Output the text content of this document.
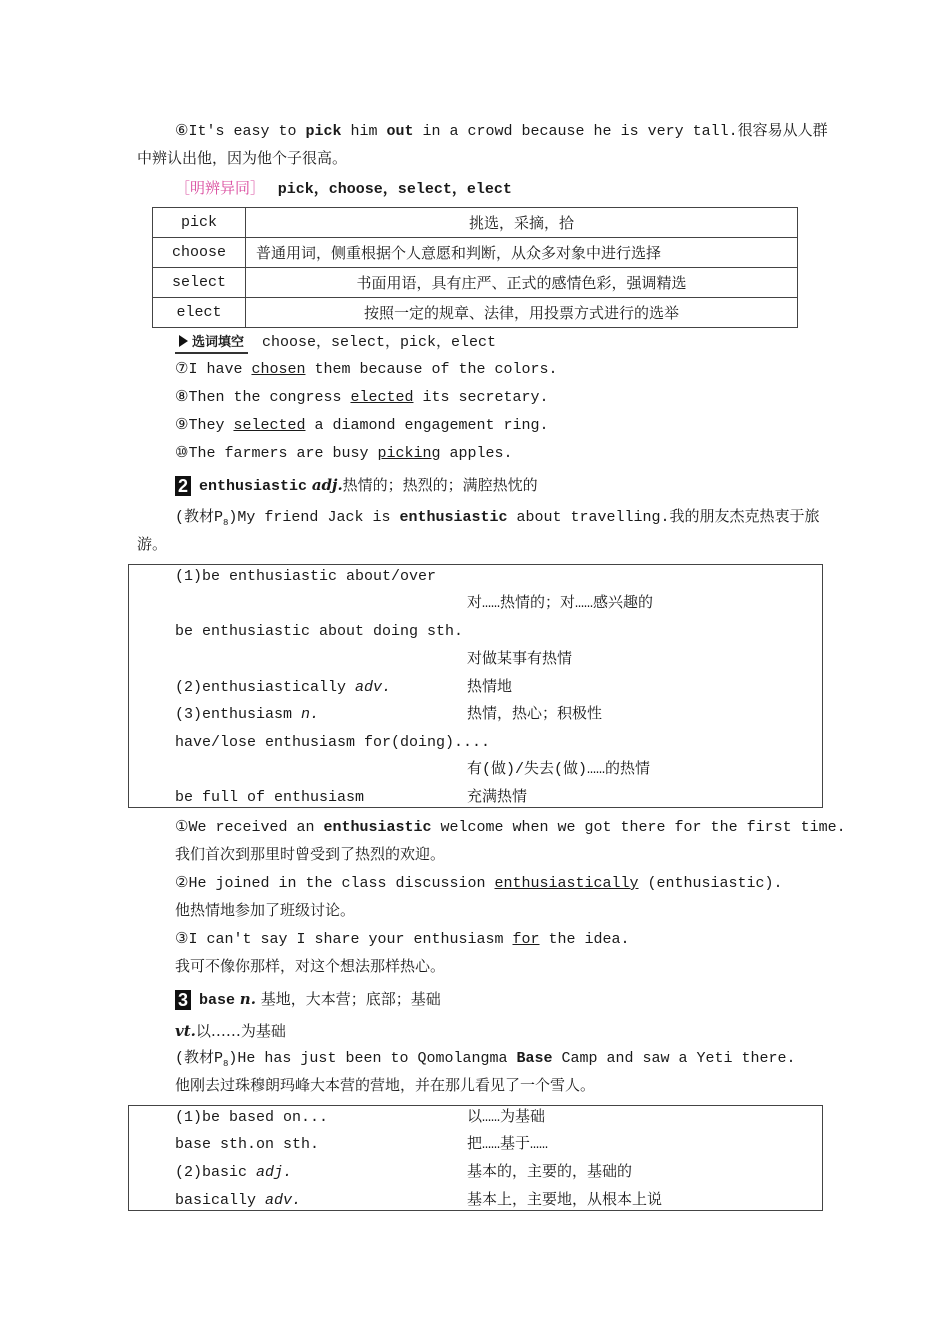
⑥It's easy to pick him out in a crowd because he is very tall.很容易从人群
中辨认出他，因为他个子很高。
［明辨异同］ pick，choose，select，elect
pick	挑选，采摘，拾
choose	普通用词，侧重根据个人意愿和判断，从众多对象中进行选择
select	书面用语，具有庄严、正式的感情色彩，强调精选
elect	按照一定的规章、法律，用投票方式进行的选举
选词填空 choose，select，pick，elect
⑦I have chosen them because of the colors.
⑧Then the congress elected its secretary.
⑨They selected a diamond engagement ring.
⑩The farmers are busy picking apples.
2 enthusiastic adj.热情的；热烈的；满腔热忱的
(教材$P_8)My$ friend Jack is enthusiastic about travelling.我的朋友杰克热衷于旅
游。
(1)be enthusiastic about/over
对……热情的；对……感兴趣的
be enthusiastic about doing sth.
对做某事有热情
(2)enthusiastically adv.	热情地
(3)enthusiasm n.	热情，热心；积极性
have/lose enthusiasm for(doing)....
有(做)/失去(做)……的热情
be full of enthusiasm	充满热情
①We received an enthusiastic welcome when we got there for the first time.
我们首次到那里时曾受到了热烈的欢迎。
②He joined in the class discussion enthusiastically (enthusiastic).
他热情地参加了班级讨论。
③I can't say I share your enthusiasm for the idea.
我可不像你那样，对这个想法那样热心。
3 base n. 基地，大本营；底部；基础
vt.以……为基础
(教材$P_8)He$ has just been to Qomolangma Base Camp and saw a Yeti there.
他刚去过珠穆朗玛峰大本营的营地，并在那儿看见了一个雪人。
(1)be based on...	以……为基础
base sth.on sth.	把……基于……
(2)basic adj.	基本的，主要的，基础的
basically adv.	基本上，主要地，从根本上说
